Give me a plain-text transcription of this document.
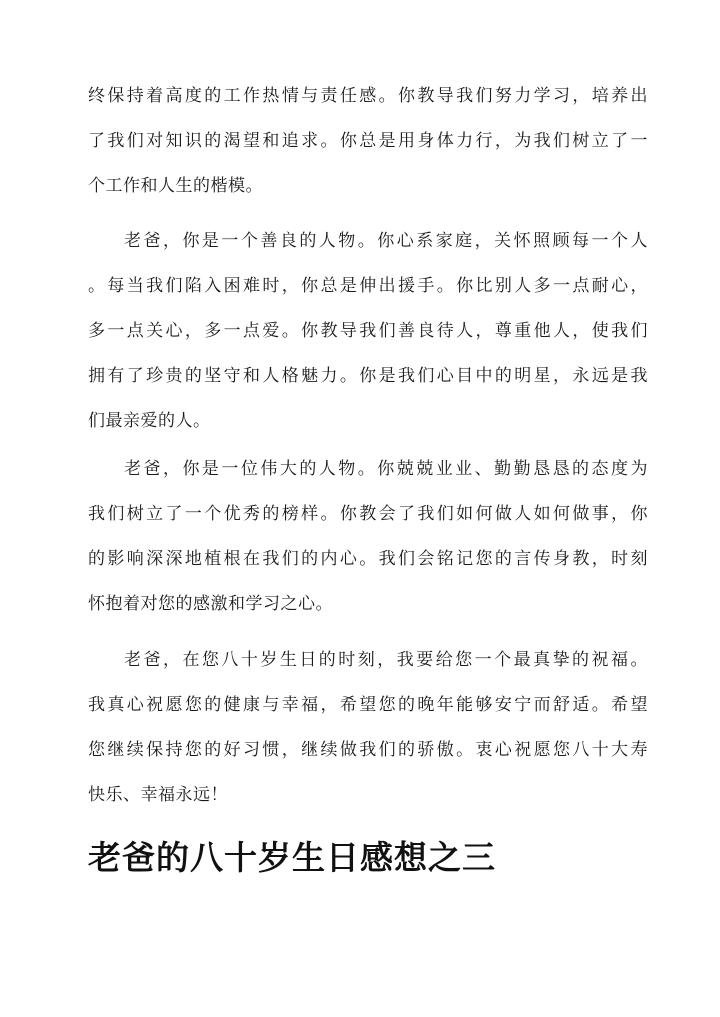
终保持着高度的工作热情与责任感。你教导我们努力学习，培养出
了我们对知识的渴望和追求。你总是用身体力行，为我们树立了一
个工作和人生的楷模。

老爸，你是一个善良的人物。你心系家庭，关怀照顾每一个人
。每当我们陷入困难时，你总是伸出援手。你比别人多一点耐心，
多一点关心，多一点爱。你教导我们善良待人，尊重他人，使我们
拥有了珍贵的坚守和人格魅力。你是我们心目中的明星，永远是我
们最亲爱的人。

老爸，你是一位伟大的人物。你兢兢业业、勤勤恳恳的态度为
我们树立了一个优秀的榜样。你教会了我们如何做人如何做事，你
的影响深深地植根在我们的内心。我们会铭记您的言传身教，时刻
怀抱着对您的感激和学习之心。

老爸，在您八十岁生日的时刻，我要给您一个最真挚的祝福。
我真心祝愿您的健康与幸福，希望您的晚年能够安宁而舒适。希望
您继续保持您的好习惯，继续做我们的骄傲。衷心祝愿您八十大寿
快乐、幸福永远！

老爸的八十岁生日感想之三
